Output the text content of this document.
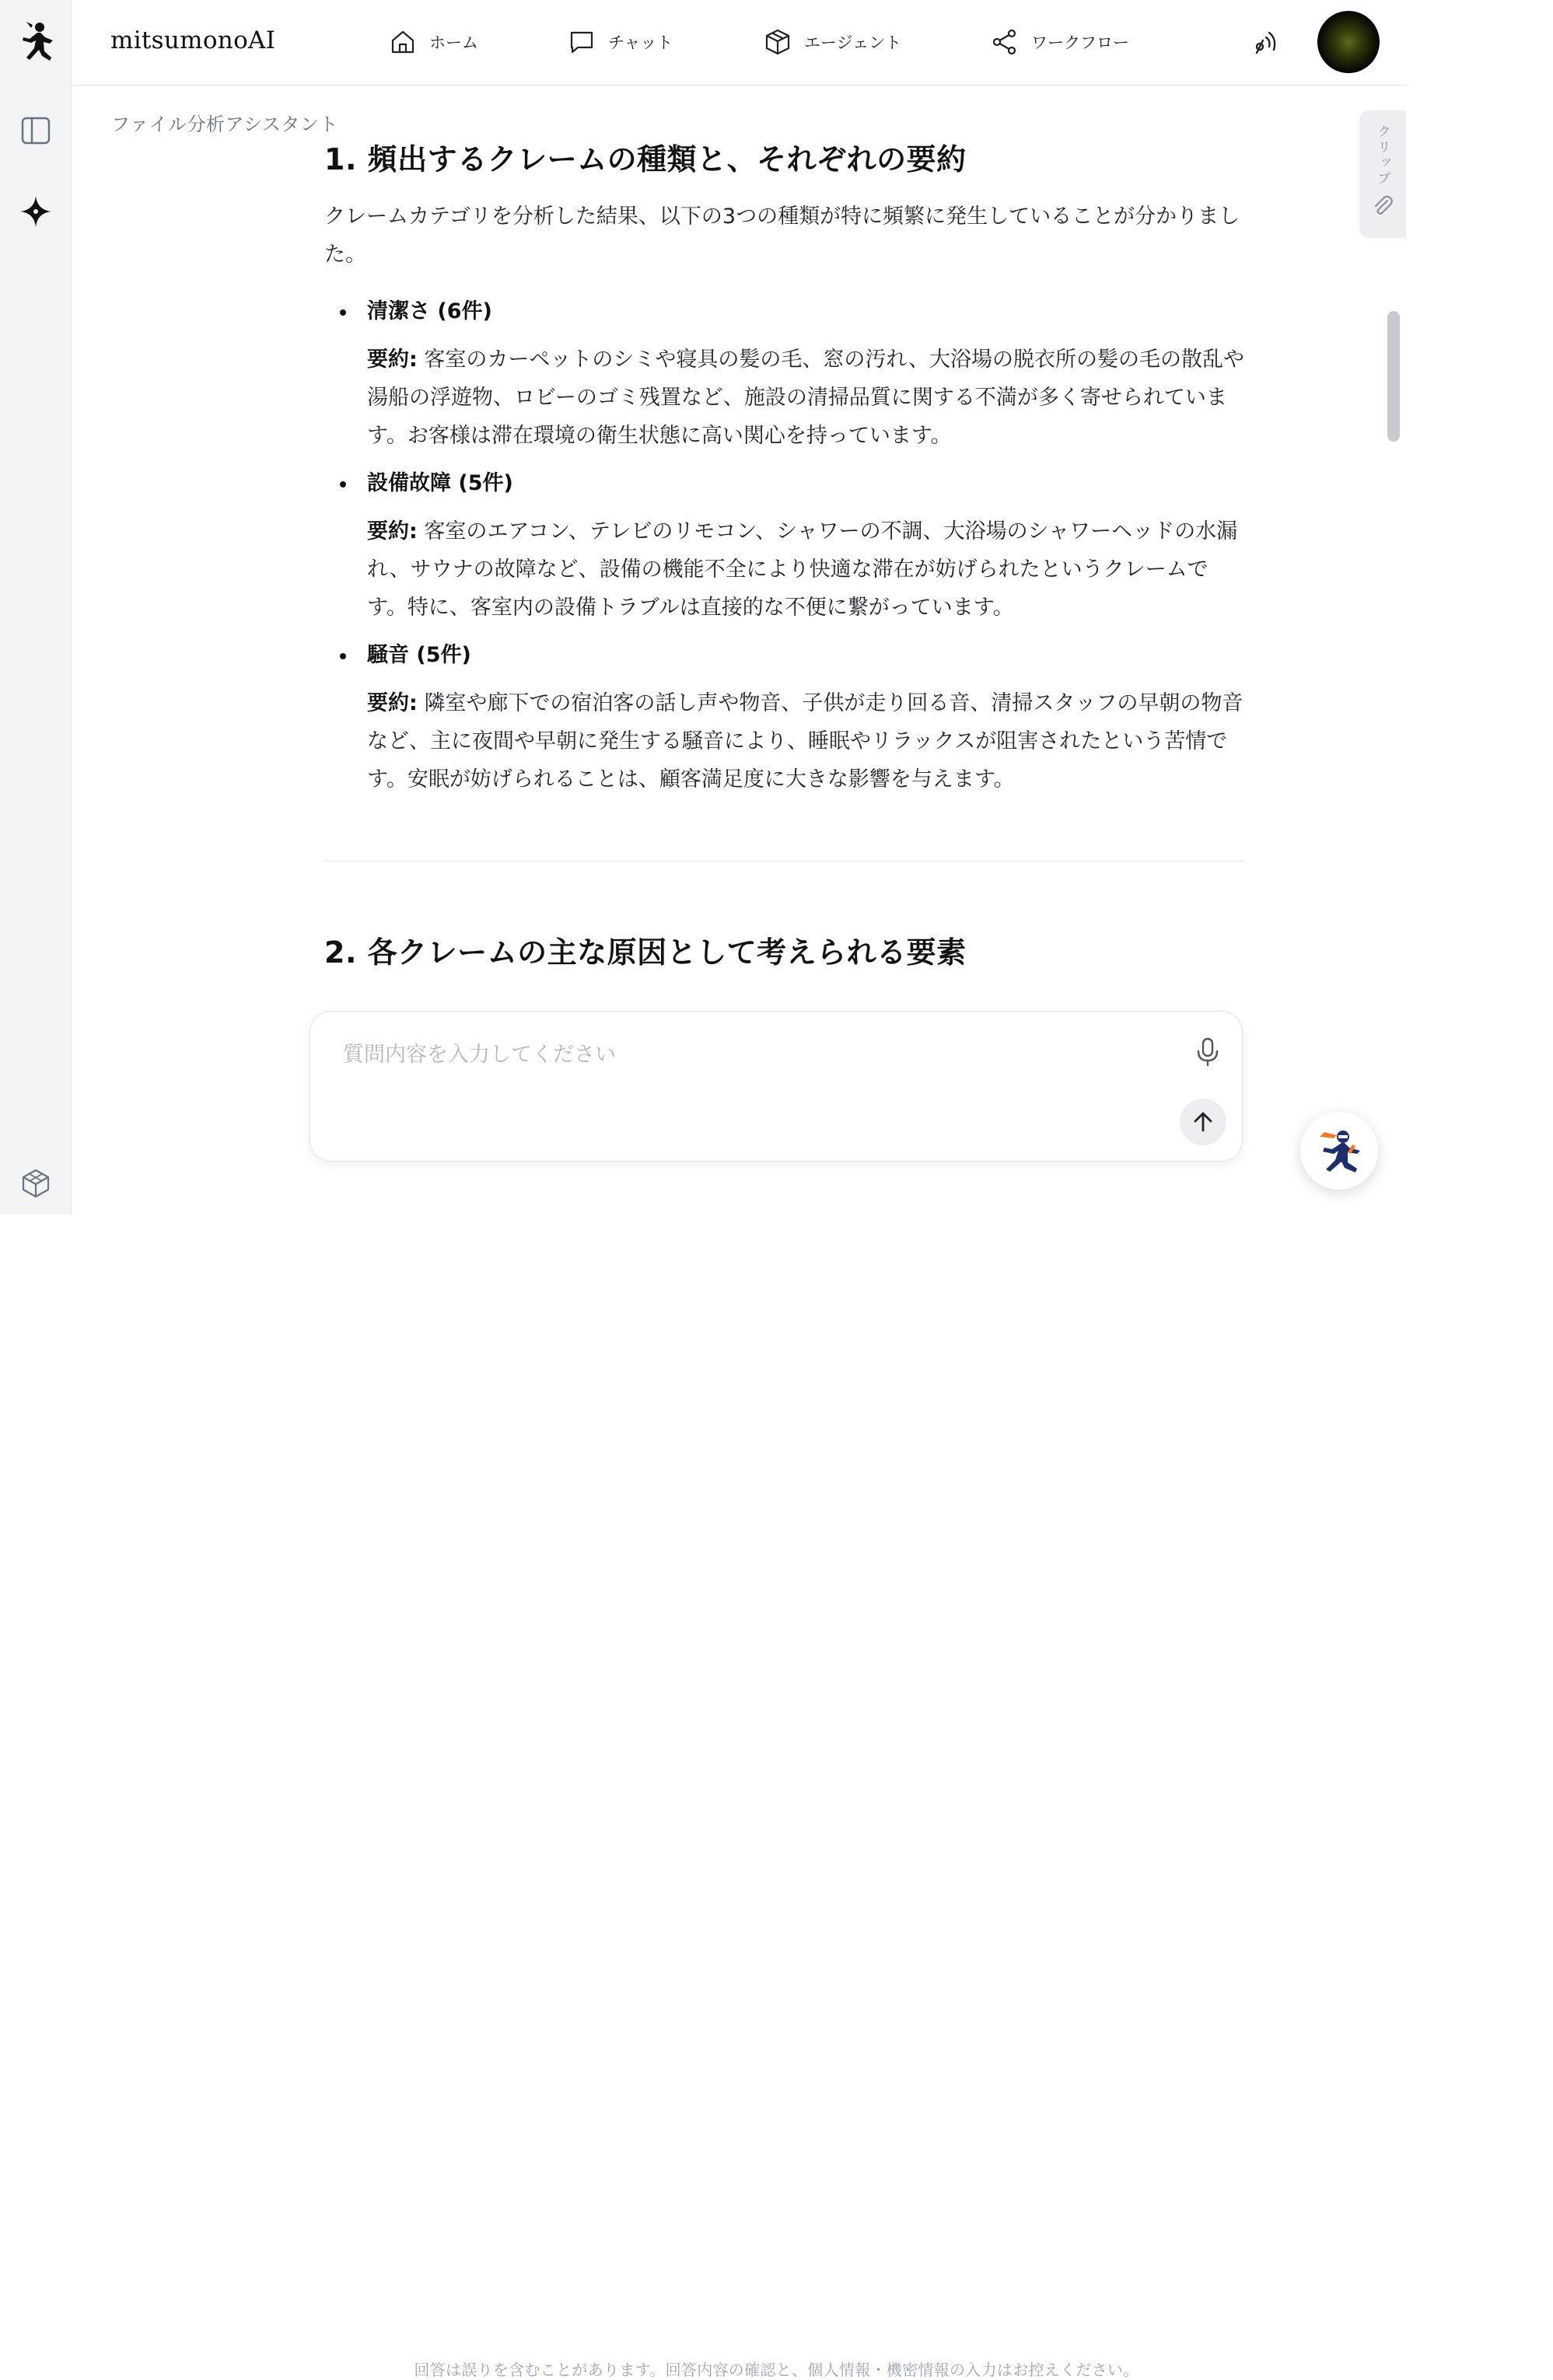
mitsumonoAI	ホーム	チャット	エージェント	ワークフロー
ファイル分析アシスタント
1. 頻出するクレームの種類と、それぞれの要約

クレームカテゴリを分析した結果、以下の3つの種類が特に頻繁に発生していることが分かりました。

清潔さ (6件)
要約: 客室のカーペットのシミや寝具の髪の毛、窓の汚れ、大浴場の脱衣所の髪の毛の散乱や湯船の浮遊物、ロビーのゴミ残置など、施設の清掃品質に関する不満が多く寄せられています。お客様は滞在環境の衛生状態に高い関心を持っています。
設備故障 (5件)
要約: 客室のエアコン、テレビのリモコン、シャワーの不調、大浴場のシャワーヘッドの水漏れ、サウナの故障など、設備の機能不全により快適な滞在が妨げられたというクレームです。特に、客室内の設備トラブルは直接的な不便に繋がっています。
騒音 (5件)
要約: 隣室や廊下での宿泊客の話し声や物音、子供が走り回る音、清掃スタッフの早朝の物音など、主に夜間や早朝に発生する騒音により、睡眠やリラックスが阻害されたという苦情です。安眠が妨げられることは、顧客満足度に大きな影響を与えます。
2. 各クレームの主な原因として考えられる要素
クリップ
質問内容を入力してください
回答は誤りを含むことがあります。回答内容の確認と、個人情報・機密情報の入力はお控えください。
